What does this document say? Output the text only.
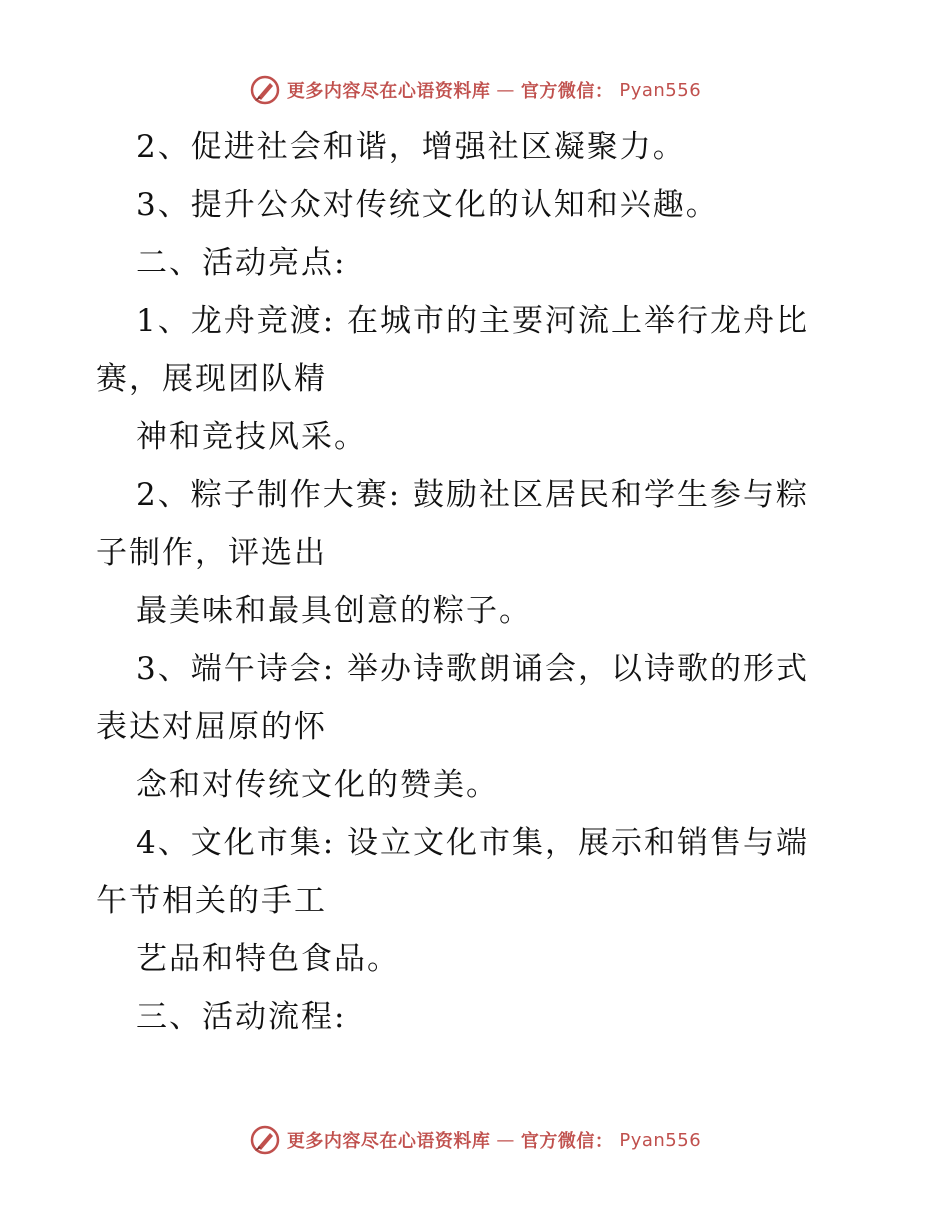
更多内容尽在心语资料库 — 官方微信： Pyan556
2、促进社会和谐，增强社区凝聚力。
3、提升公众对传统文化的认知和兴趣。
二、活动亮点:
1、龙舟竞渡: 在城市的主要河流上举行龙舟比
赛，展现团队精
神和竞技风采。
2、粽子制作大赛: 鼓励社区居民和学生参与粽
子制作，评选出
最美味和最具创意的粽子。
3、端午诗会: 举办诗歌朗诵会，以诗歌的形式
表达对屈原的怀
念和对传统文化的赞美。
4、文化市集: 设立文化市集，展示和销售与端
午节相关的手工
艺品和特色食品。
三、活动流程:
更多内容尽在心语资料库 — 官方微信： Pyan556
